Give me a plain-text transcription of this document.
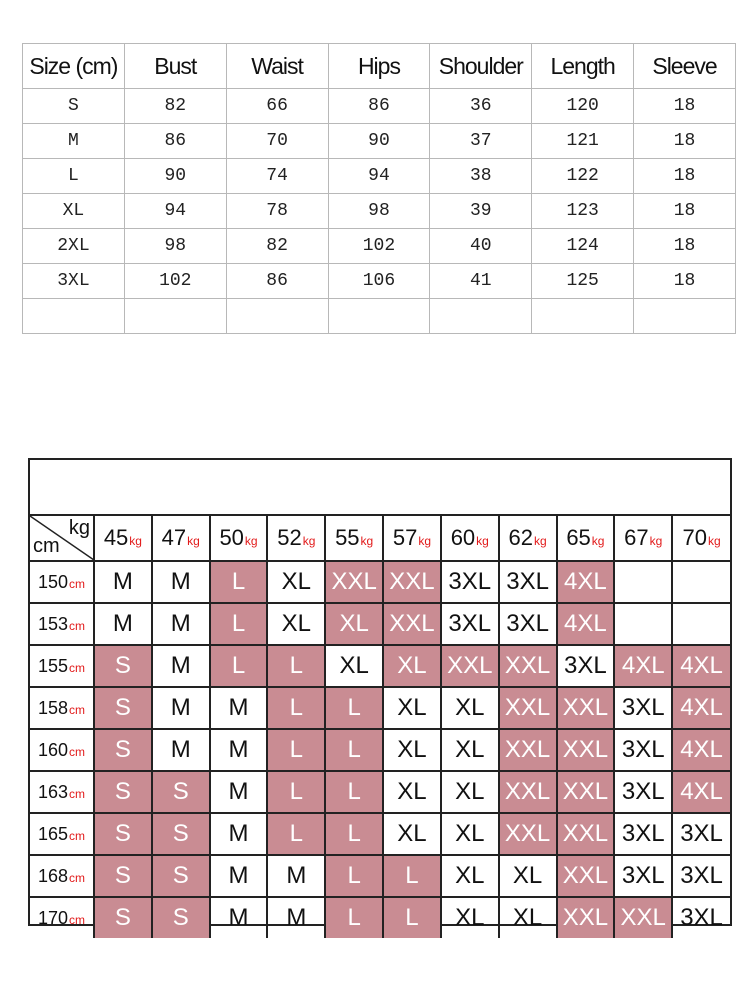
Size (cm)	Bust	Waist	Hips	Shoulder	Length	Sleeve
S	82	66	86	36	120	18
M	86	70	90	37	121	18
L	90	74	94	38	122	18
XL	94	78	98	39	123	18
2XL	98	82	102	40	124	18
3XL	102	86	106	41	125	18

kg
cm	45kg	47kg	50kg	52kg	55kg	57kg	60kg	62kg	65kg	67kg	70kg
150cm	M	M	L	XL	XXL	XXL	3XL	3XL	4XL		
153cm	M	M	L	XL	XL	XXL	3XL	3XL	4XL		
155cm	S	M	L	L	XL	XL	XXL	XXL	3XL	4XL	4XL
158cm	S	M	M	L	L	XL	XL	XXL	XXL	3XL	4XL
160cm	S	M	M	L	L	XL	XL	XXL	XXL	3XL	4XL
163cm	S	S	M	L	L	XL	XL	XXL	XXL	3XL	4XL
165cm	S	S	M	L	L	XL	XL	XXL	XXL	3XL	3XL
168cm	S	S	M	M	L	L	XL	XL	XXL	3XL	3XL
170cm	S	S	M	M	L	L	XL	XL	XXL	XXL	3XL
